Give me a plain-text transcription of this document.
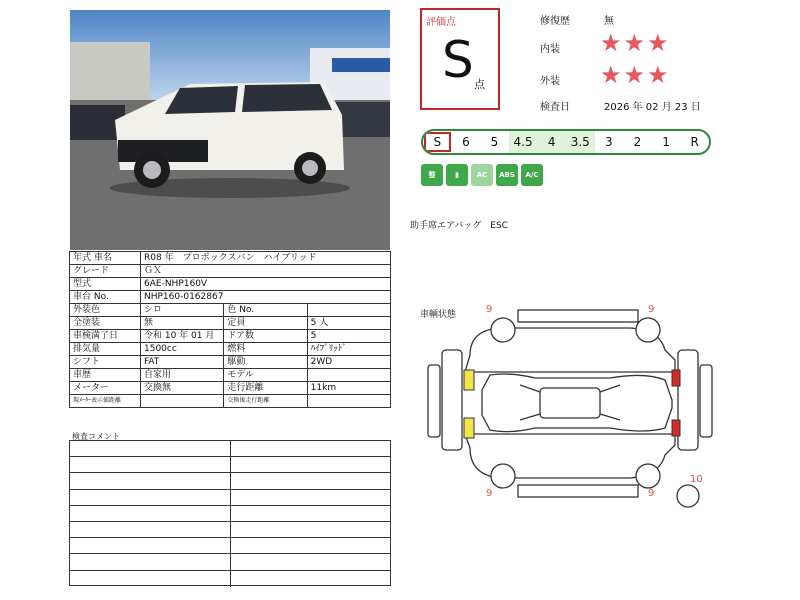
年式 車名	R08 年　プロボックスバン　ハイブリッド		
グレード	ＧＸ		
型式	6AE-NHP160V		
車台 No.	NHP160-0162867		
外装色	シロ	色 No.	
全塗装	無	定員	5 人
車検満了日	令和 10 年 01 月	ドア数	5
排気量	1500cc	燃料	ﾊｲﾌﾞﾘｯﾄﾞ
シフト	FAT	駆動	2WD
車歴	自家用	モデル	
メーター	交換無	走行距離	11km
現ﾒｰﾀｰ表示値距離		交換後走行距離	
検査コメント
評価点
S 点
修復歴	無
内装 ★★★
外装 ★★★
検査日	2026 年 02 月 23 日
S	6	5	4.5	4	3.5	3	2	1	R
整	▮	AC	ABS	A/C
助手席エアバッグ　ESC
車輌状態	9	9
9	9
10
